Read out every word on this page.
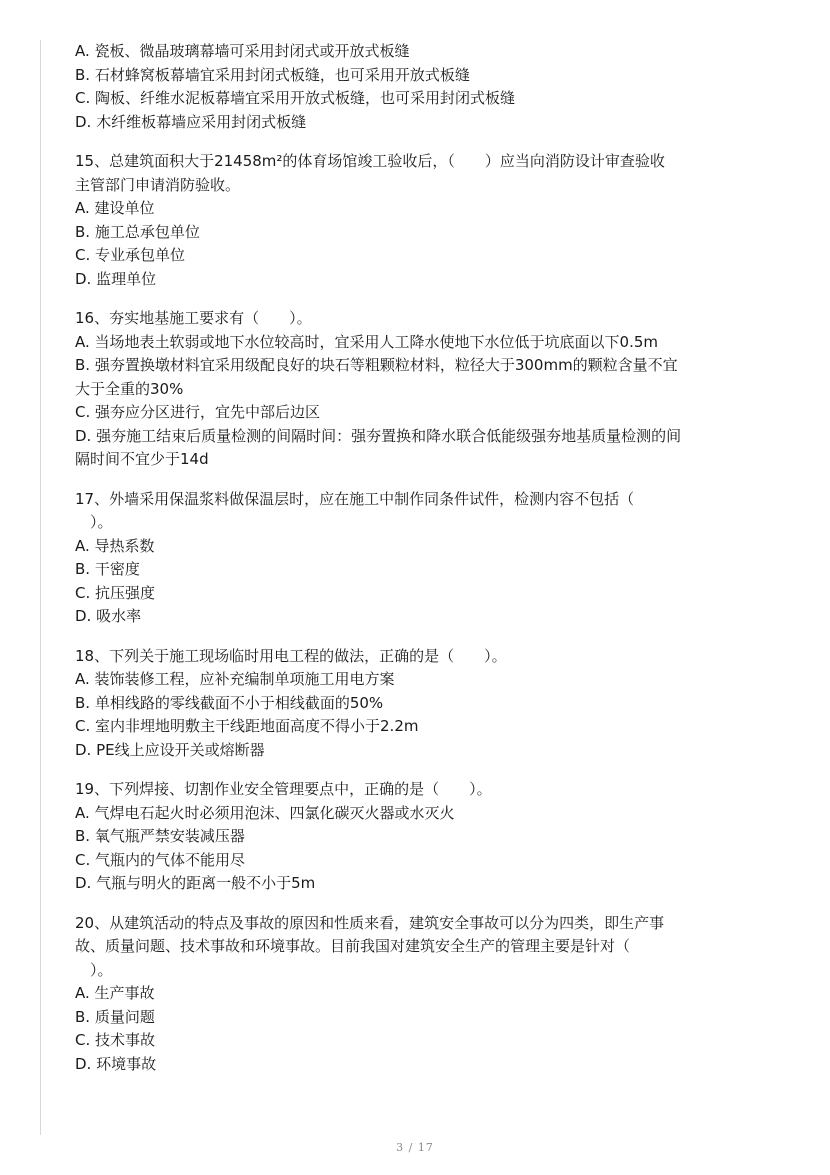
A. 瓷板、微晶玻璃幕墙可采用封闭式或开放式板缝

B. 石材蜂窝板幕墙宜采用封闭式板缝，也可采用开放式板缝

C. 陶板、纤维水泥板幕墙宜采用开放式板缝，也可采用封闭式板缝

D. 木纤维板幕墙应采用封闭式板缝

15、总建筑面积大于21458m²的体育场馆竣工验收后，（　　）应当向消防设计审查验收

主管部门申请消防验收。

A. 建设单位

B. 施工总承包单位

C. 专业承包单位

D. 监理单位

16、夯实地基施工要求有（　　）。

A. 当场地表土软弱或地下水位较高时，宜采用人工降水使地下水位低于坑底面以下0.5m

B. 强夯置换墩材料宜采用级配良好的块石等粗颗粒材料，粒径大于300mm的颗粒含量不宜

大于全重的30%

C. 强夯应分区进行，宜先中部后边区

D. 强夯施工结束后质量检测的间隔时间：强夯置换和降水联合低能级强夯地基质量检测的间

隔时间不宜少于14d

17、外墙采用保温浆料做保温层时，应在施工中制作同条件试件，检测内容不包括（

　）。

A. 导热系数

B. 干密度

C. 抗压强度

D. 吸水率

18、下列关于施工现场临时用电工程的做法，正确的是（　　）。

A. 装饰装修工程，应补充编制单项施工用电方案

B. 单相线路的零线截面不小于相线截面的50%

C. 室内非埋地明敷主干线距地面高度不得小于2.2m

D. PE线上应设开关或熔断器

19、下列焊接、切割作业安全管理要点中，正确的是（　　）。

A. 气焊电石起火时必须用泡沫、四氯化碳灭火器或水灭火

B. 氧气瓶严禁安装减压器

C. 气瓶内的气体不能用尽

D. 气瓶与明火的距离一般不小于5m

20、从建筑活动的特点及事故的原因和性质来看，建筑安全事故可以分为四类，即生产事

故、质量问题、技术事故和环境事故。目前我国对建筑安全生产的管理主要是针对（

　）。

A. 生产事故

B. 质量问题

C. 技术事故

D. 环境事故

3 / 17
